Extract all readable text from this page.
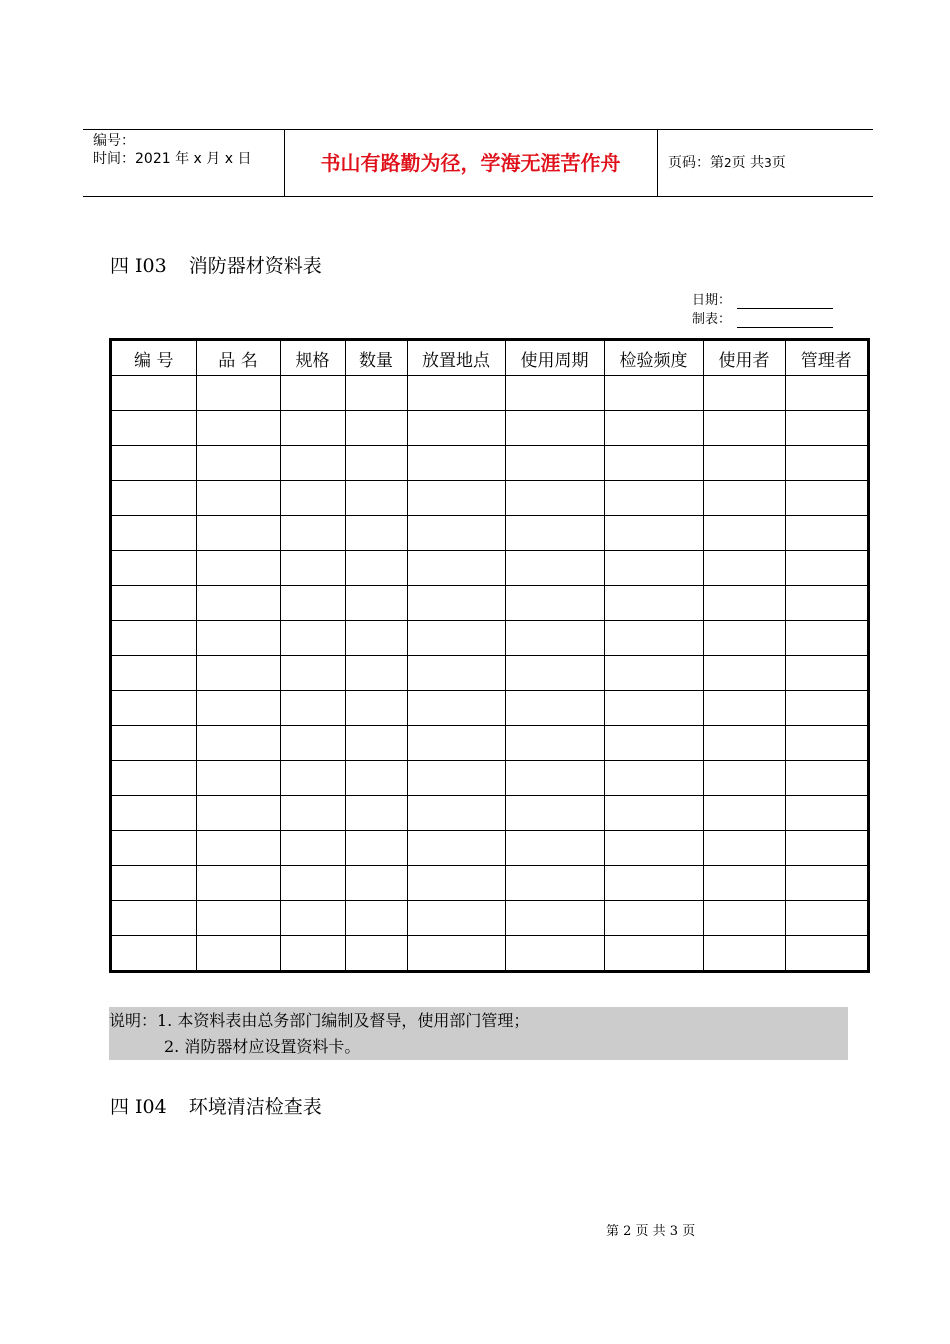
编号：
时间：2021 年 x 月 x 日	书山有路勤为径，学海无涯苦作舟	页码：第2页 共3页
四 I03 消防器材资料表
日期：
制表：
编 号	品 名	规格	数量	放置地点	使用周期	检验频度	使用者	管理者

说明：1. 本资料表由总务部门编制及督导，使用部门管理；
2. 消防器材应设置资料卡。
四 I04 环境清洁检查表
第 2 页 共 3 页
